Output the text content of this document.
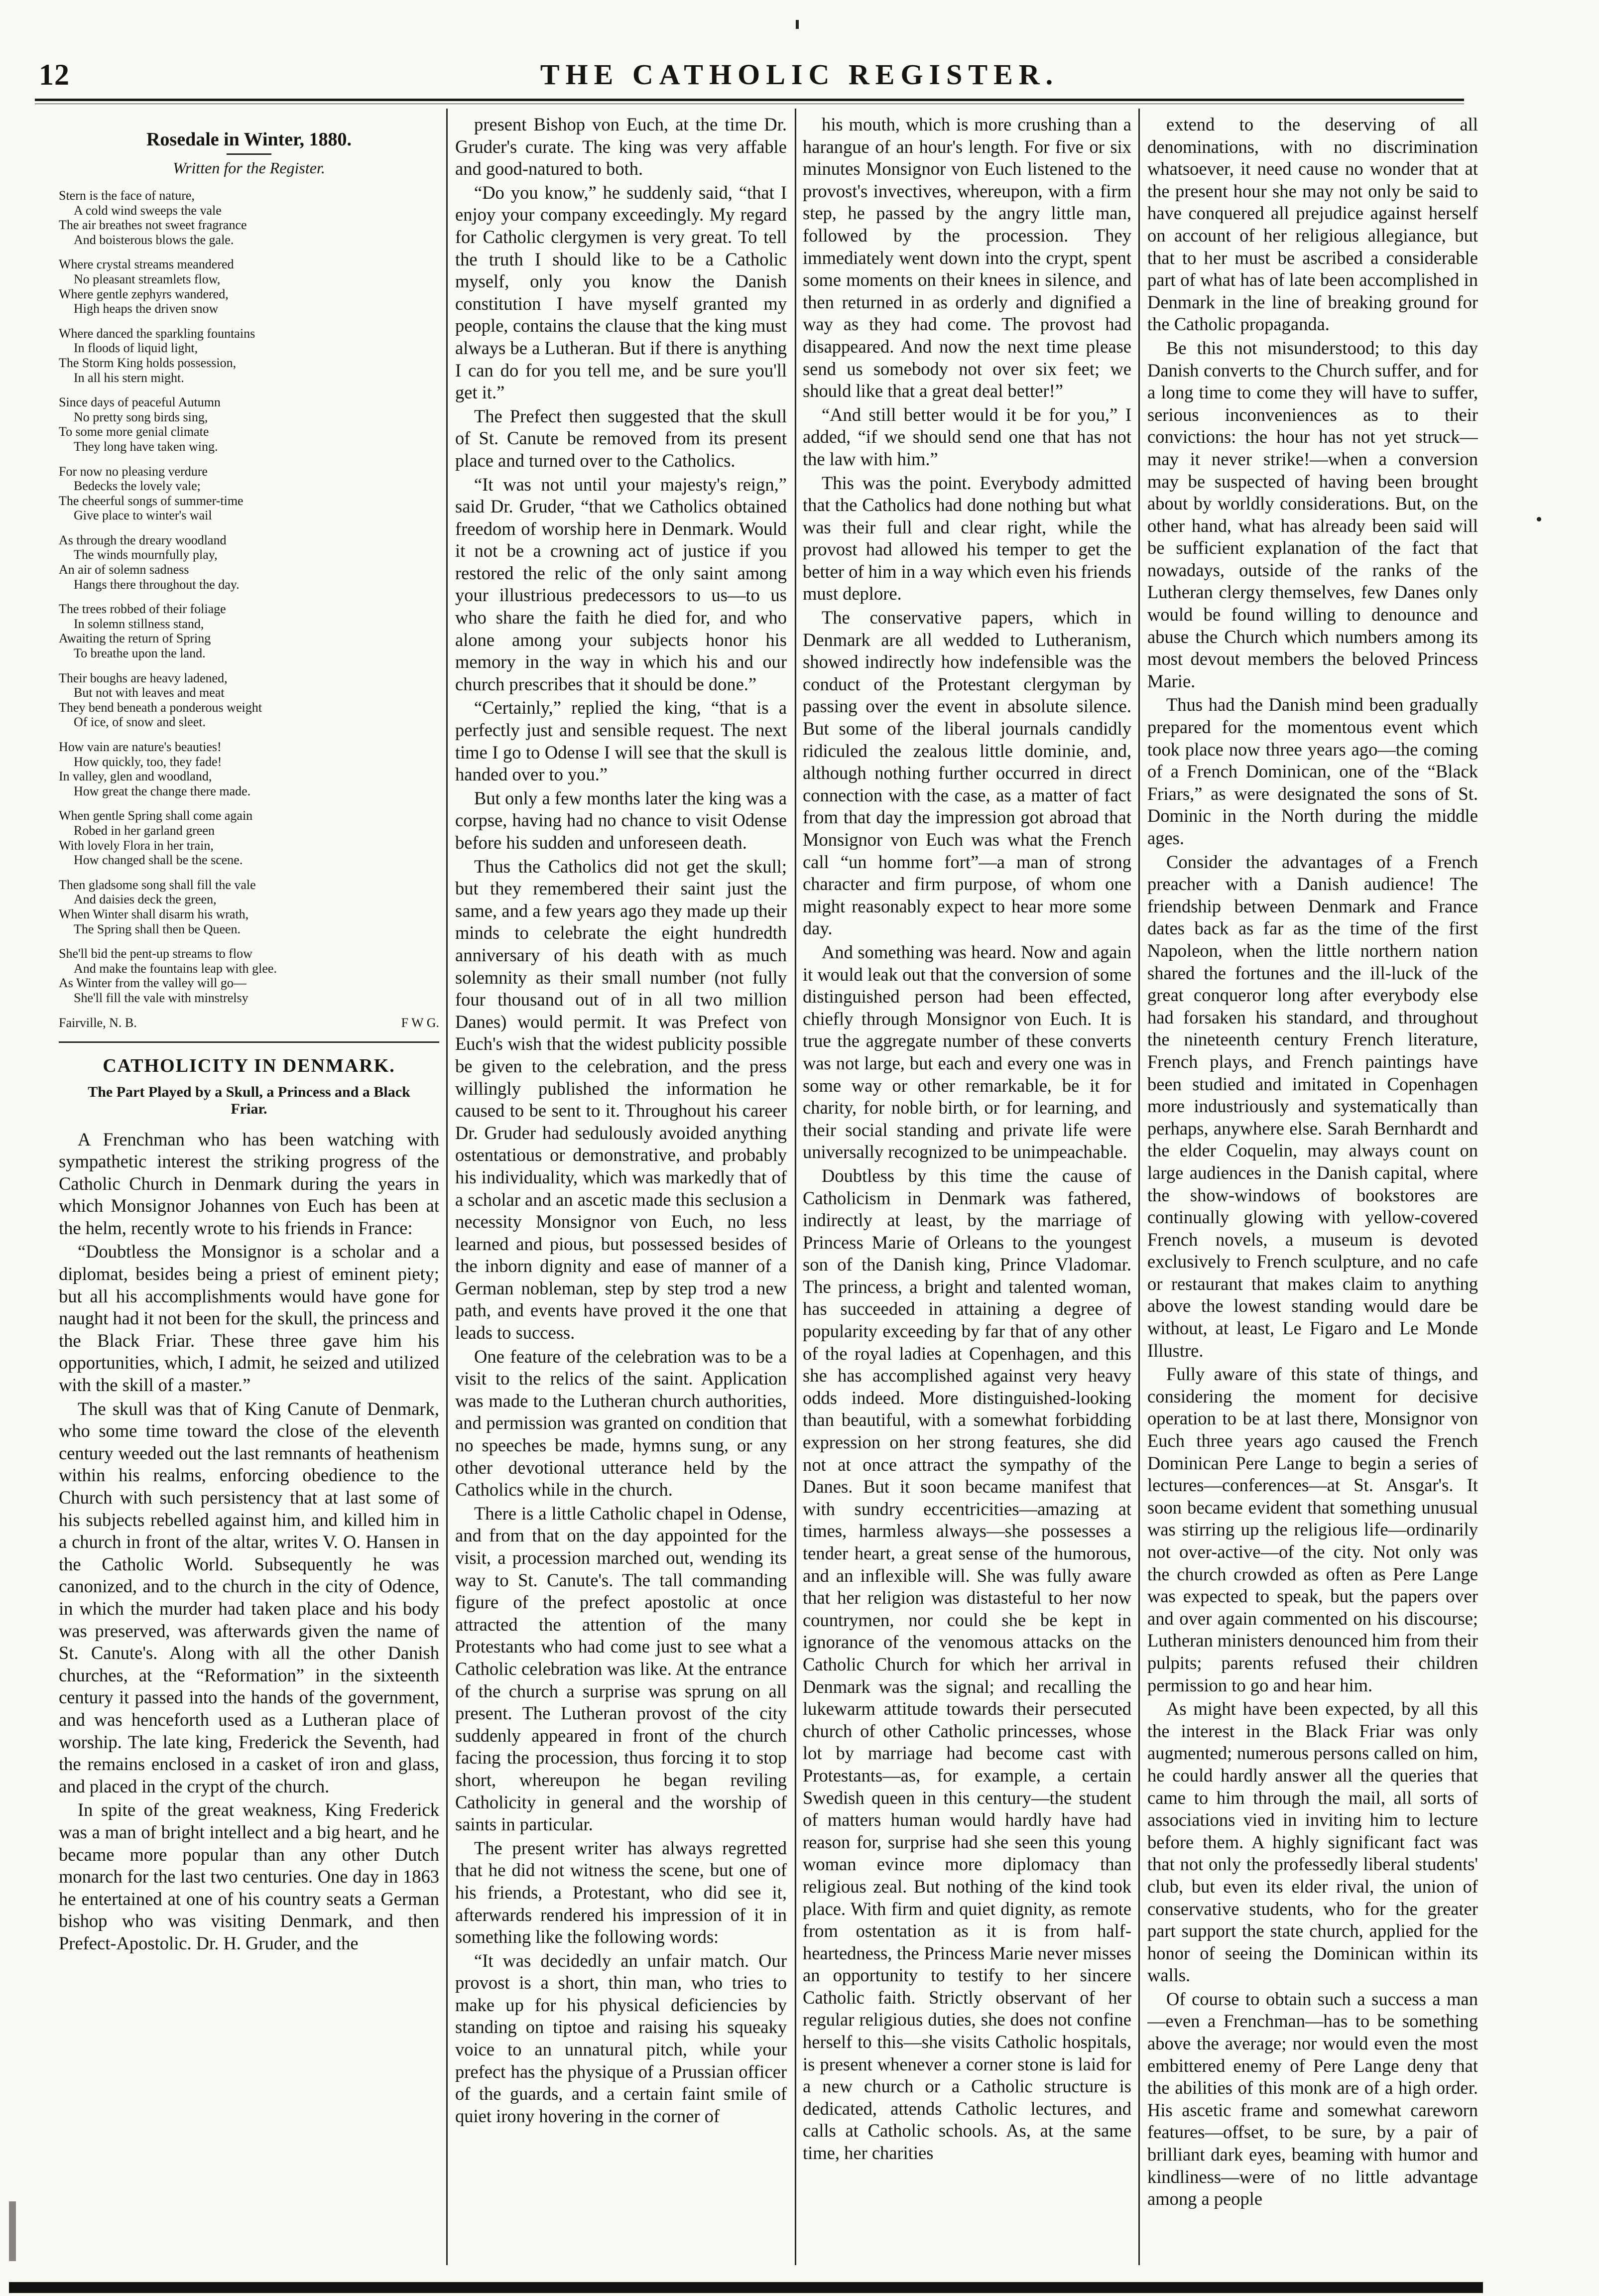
12	THE CATHOLIC REGISTER.
Rosedale in Winter, 1880.
Written for the Register.
Stern is the face of nature,
A cold wind sweeps the vale
The air breathes not sweet fragrance
And boisterous blows the gale.
Where crystal streams meandered
No pleasant streamlets flow,
Where gentle zephyrs wandered,
High heaps the driven snow
Where danced the sparkling fountains
In floods of liquid light,
The Storm King holds possession,
In all his stern might.
Since days of peaceful Autumn
No pretty song birds sing,
To some more genial climate
They long have taken wing.
For now no pleasing verdure
Bedecks the lovely vale;
The cheerful songs of summer-time
Give place to winter's wail
As through the dreary woodland
The winds mournfully play,
An air of solemn sadness
Hangs there throughout the day.
The trees robbed of their foliage
In solemn stillness stand,
Awaiting the return of Spring
To breathe upon the land.
Their boughs are heavy ladened,
But not with leaves and meat
They bend beneath a ponderous weight
Of ice, of snow and sleet.
How vain are nature's beauties!
How quickly, too, they fade!
In valley, glen and woodland,
How great the change there made.
When gentle Spring shall come again
Robed in her garland green
With lovely Flora in her train,
How changed shall be the scene.
Then gladsome song shall fill the vale
And daisies deck the green,
When Winter shall disarm his wrath,
The Spring shall then be Queen.
She'll bid the pent-up streams to flow
And make the fountains leap with glee.
As Winter from the valley will go—
She'll fill the vale with minstrelsy
Fairville, N. B.	F W G.
CATHOLICITY IN DENMARK.
The Part Played by a Skull, a Princess and a Black Friar.

A Frenchman who has been watching with sympathetic interest the striking progress of the Catholic Church in Denmark during the years in which Monsignor Johannes von Euch has been at the helm, recently wrote to his friends in France:

“Doubtless the Monsignor is a scholar and a diplomat, besides being a priest of eminent piety; but all his accomplishments would have gone for naught had it not been for the skull, the princess and the Black Friar. These three gave him his opportunities, which, I admit, he seized and utilized with the skill of a master.”

The skull was that of King Canute of Denmark, who some time toward the close of the eleventh century weeded out the last remnants of heathenism within his realms, enforcing obedience to the Church with such persistency that at last some of his subjects rebelled against him, and killed him in a church in front of the altar, writes V. O. Hansen in the Catholic World. Subsequently he was canonized, and to the church in the city of Odence, in which the murder had taken place and his body was preserved, was afterwards given the name of St. Canute's. Along with all the other Danish churches, at the “Reformation” in the sixteenth century it passed into the hands of the government, and was henceforth used as a Lutheran place of worship. The late king, Frederick the Seventh, had the remains enclosed in a casket of iron and glass, and placed in the crypt of the church.

In spite of the great weakness, King Frederick was a man of bright intellect and a big heart, and he became more popular than any other Dutch monarch for the last two centuries. One day in 1863 he entertained at one of his country seats a German bishop who was visiting Denmark, and then Prefect-Apostolic. Dr. H. Gruder, and the

present Bishop von Euch, at the time Dr. Gruder's curate. The king was very affable and good-natured to both.

“Do you know,” he suddenly said, “that I enjoy your company exceedingly. My regard for Catholic clergymen is very great. To tell the truth I should like to be a Catholic myself, only you know the Danish constitution I have myself granted my people, contains the clause that the king must always be a Lutheran. But if there is anything I can do for you tell me, and be sure you'll get it.”

The Prefect then suggested that the skull of St. Canute be removed from its present place and turned over to the Catholics.

“It was not until your majesty's reign,” said Dr. Gruder, “that we Catholics obtained freedom of worship here in Denmark. Would it not be a crowning act of justice if you restored the relic of the only saint among your illustrious predecessors to us—to us who share the faith he died for, and who alone among your subjects honor his memory in the way in which his and our church prescribes that it should be done.”

“Certainly,” replied the king, “that is a perfectly just and sensible request. The next time I go to Odense I will see that the skull is handed over to you.”

But only a few months later the king was a corpse, having had no chance to visit Odense before his sudden and unforeseen death.

Thus the Catholics did not get the skull; but they remembered their saint just the same, and a few years ago they made up their minds to celebrate the eight hundredth anniversary of his death with as much solemnity as their small number (not fully four thousand out of in all two million Danes) would permit. It was Prefect von Euch's wish that the widest publicity possible be given to the celebration, and the press willingly published the information he caused to be sent to it. Throughout his career Dr. Gruder had sedulously avoided anything ostentatious or demonstrative, and probably his individuality, which was markedly that of a scholar and an ascetic made this seclusion a necessity Monsignor von Euch, no less learned and pious, but possessed besides of the inborn dignity and ease of manner of a German nobleman, step by step trod a new path, and events have proved it the one that leads to success.

One feature of the celebration was to be a visit to the relics of the saint. Application was made to the Lutheran church authorities, and permission was granted on condition that no speeches be made, hymns sung, or any other devotional utterance held by the Catholics while in the church.

There is a little Catholic chapel in Odense, and from that on the day appointed for the visit, a procession marched out, wending its way to St. Canute's. The tall commanding figure of the prefect apostolic at once attracted the attention of the many Protestants who had come just to see what a Catholic celebration was like. At the entrance of the church a surprise was sprung on all present. The Lutheran provost of the city suddenly appeared in front of the church facing the procession, thus forcing it to stop short, whereupon he began reviling Catholicity in general and the worship of saints in particular.

The present writer has always regretted that he did not witness the scene, but one of his friends, a Protestant, who did see it, afterwards rendered his impression of it in something like the following words:

“It was decidedly an unfair match. Our provost is a short, thin man, who tries to make up for his physical deficiencies by standing on tiptoe and raising his squeaky voice to an unnatural pitch, while your prefect has the physique of a Prussian officer of the guards, and a certain faint smile of quiet irony hovering in the corner of

his mouth, which is more crushing than a harangue of an hour's length. For five or six minutes Monsignor von Euch listened to the provost's invectives, whereupon, with a firm step, he passed by the angry little man, followed by the procession. They immediately went down into the crypt, spent some moments on their knees in silence, and then returned in as orderly and dignified a way as they had come. The provost had disappeared. And now the next time please send us somebody not over six feet; we should like that a great deal better!”

“And still better would it be for you,” I added, “if we should send one that has not the law with him.”

This was the point. Everybody admitted that the Catholics had done nothing but what was their full and clear right, while the provost had allowed his temper to get the better of him in a way which even his friends must deplore.

The conservative papers, which in Denmark are all wedded to Lutheranism, showed indirectly how indefensible was the conduct of the Protestant clergyman by passing over the event in absolute silence. But some of the liberal journals candidly ridiculed the zealous little dominie, and, although nothing further occurred in direct connection with the case, as a matter of fact from that day the impression got abroad that Monsignor von Euch was what the French call “un homme fort”—a man of strong character and firm purpose, of whom one might reasonably expect to hear more some day.

And something was heard. Now and again it would leak out that the conversion of some distinguished person had been effected, chiefly through Monsignor von Euch. It is true the aggregate number of these converts was not large, but each and every one was in some way or other remarkable, be it for charity, for noble birth, or for learning, and their social standing and private life were universally recognized to be unimpeachable.

Doubtless by this time the cause of Catholicism in Denmark was fathered, indirectly at least, by the marriage of Princess Marie of Orleans to the youngest son of the Danish king, Prince Vladomar. The princess, a bright and talented woman, has succeeded in attaining a degree of popularity exceeding by far that of any other of the royal ladies at Copenhagen, and this she has accomplished against very heavy odds indeed. More distinguished-looking than beautiful, with a somewhat forbidding expression on her strong features, she did not at once attract the sympathy of the Danes. But it soon became manifest that with sundry eccentricities—amazing at times, harmless always—she possesses a tender heart, a great sense of the humorous, and an inflexible will. She was fully aware that her religion was distasteful to her now countrymen, nor could she be kept in ignorance of the venomous attacks on the Catholic Church for which her arrival in Denmark was the signal; and recalling the lukewarm attitude towards their persecuted church of other Catholic princesses, whose lot by marriage had become cast with Protestants—as, for example, a certain Swedish queen in this century—the student of matters human would hardly have had reason for, surprise had she seen this young woman evince more diplomacy than religious zeal. But nothing of the kind took place. With firm and quiet dignity, as remote from ostentation as it is from half-heartedness, the Princess Marie never misses an opportunity to testify to her sincere Catholic faith. Strictly observant of her regular religious duties, she does not confine herself to this—she visits Catholic hospitals, is present whenever a corner stone is laid for a new church or a Catholic structure is dedicated, attends Catholic lectures, and calls at Catholic schools. As, at the same time, her charities

extend to the deserving of all denominations, with no discrimination whatsoever, it need cause no wonder that at the present hour she may not only be said to have conquered all prejudice against herself on account of her religious allegiance, but that to her must be ascribed a considerable part of what has of late been accomplished in Denmark in the line of breaking ground for the Catholic propaganda.

Be this not misunderstood; to this day Danish converts to the Church suffer, and for a long time to come they will have to suffer, serious inconveniences as to their convictions: the hour has not yet struck—may it never strike!—when a conversion may be suspected of having been brought about by worldly considerations. But, on the other hand, what has already been said will be sufficient explanation of the fact that nowadays, outside of the ranks of the Lutheran clergy themselves, few Danes only would be found willing to denounce and abuse the Church which numbers among its most devout members the beloved Princess Marie.

Thus had the Danish mind been gradually prepared for the momentous event which took place now three years ago—the coming of a French Dominican, one of the “Black Friars,” as were designated the sons of St. Dominic in the North during the middle ages.

Consider the advantages of a French preacher with a Danish audience! The friendship between Denmark and France dates back as far as the time of the first Napoleon, when the little northern nation shared the fortunes and the ill-luck of the great conqueror long after everybody else had forsaken his standard, and throughout the nineteenth century French literature, French plays, and French paintings have been studied and imitated in Copenhagen more industriously and systematically than perhaps, anywhere else. Sarah Bernhardt and the elder Coquelin, may always count on large audiences in the Danish capital, where the show-windows of bookstores are continually glowing with yellow-covered French novels, a museum is devoted exclusively to French sculpture, and no cafe or restaurant that makes claim to anything above the lowest standing would dare be without, at least, Le Figaro and Le Monde Illustre.

Fully aware of this state of things, and considering the moment for decisive operation to be at last there, Monsignor von Euch three years ago caused the French Dominican Pere Lange to begin a series of lectures—conferences—at St. Ansgar's. It soon became evident that something unusual was stirring up the religious life—ordinarily not over-active—of the city. Not only was the church crowded as often as Pere Lange was expected to speak, but the papers over and over again commented on his discourse; Lutheran ministers denounced him from their pulpits; parents refused their children permission to go and hear him.

As might have been expected, by all this the interest in the Black Friar was only augmented; numerous persons called on him, he could hardly answer all the queries that came to him through the mail, all sorts of associations vied in inviting him to lecture before them. A highly significant fact was that not only the professedly liberal students' club, but even its elder rival, the union of conservative students, who for the greater part support the state church, applied for the honor of seeing the Dominican within its walls.

Of course to obtain such a success a man—even a Frenchman—has to be something above the average; nor would even the most embittered enemy of Pere Lange deny that the abilities of this monk are of a high order. His ascetic frame and somewhat careworn features—offset, to be sure, by a pair of brilliant dark eyes, beaming with humor and kindliness—were of no little advantage among a people
